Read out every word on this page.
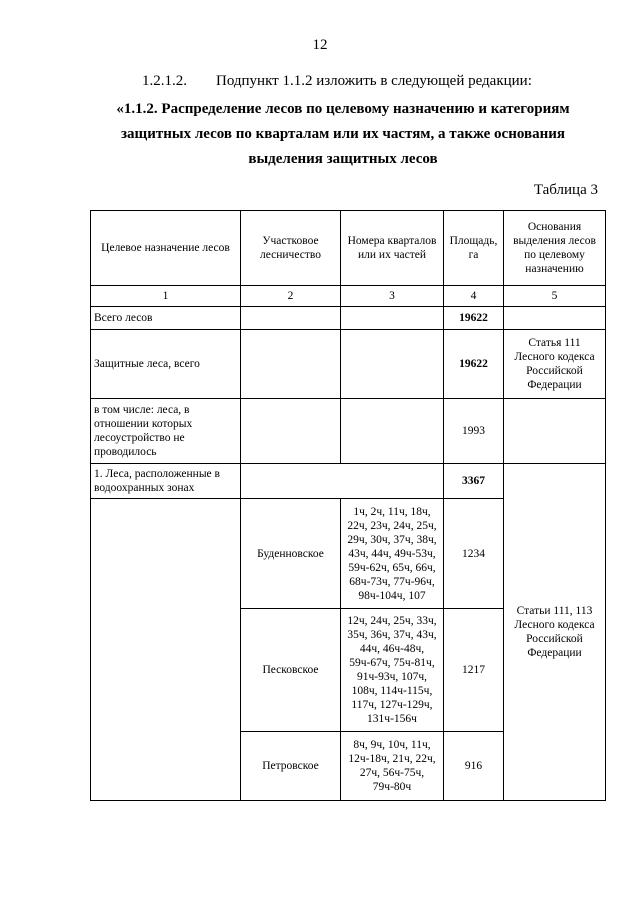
12
1.2.1.2. Подпункт 1.1.2 изложить в следующей редакции:
«1.1.2. Распределение лесов по целевому назначению и категориям защитных лесов по кварталам или их частям, а также основания выделения защитных лесов
Таблица 3
Целевое назначение лесов	Участковое лесничество	Номера кварталов или их частей	Площадь, га	Основания выделения лесов по целевому назначению
1	2	3	4	5
Всего лесов			19622	
Защитные леса, всего			19622	Статья 111 Лесного кодекса Российской Федерации
в том числе: леса, в отношении которых лесоустройство не проводилось			1993	
1. Леса, расположенные в водоохранных зонах			3367	Статьи 111, 113 Лесного кодекса Российской Федерации
	Буденновское	1ч, 2ч, 11ч, 18ч, 22ч, 23ч, 24ч, 25ч, 29ч, 30ч, 37ч, 38ч, 43ч, 44ч, 49ч-53ч, 59ч-62ч, 65ч, 66ч, 68ч-73ч, 77ч-96ч, 98ч-104ч, 107	1234	
	Песковское	12ч, 24ч, 25ч, 33ч, 35ч, 36ч, 37ч, 43ч, 44ч, 46ч-48ч, 59ч-67ч, 75ч-81ч, 91ч-93ч, 107ч, 108ч, 114ч-115ч, 117ч, 127ч-129ч, 131ч-156ч	1217	
	Петровское	8ч, 9ч, 10ч, 11ч, 12ч-18ч, 21ч, 22ч, 27ч, 56ч-75ч, 79ч-80ч	916	
